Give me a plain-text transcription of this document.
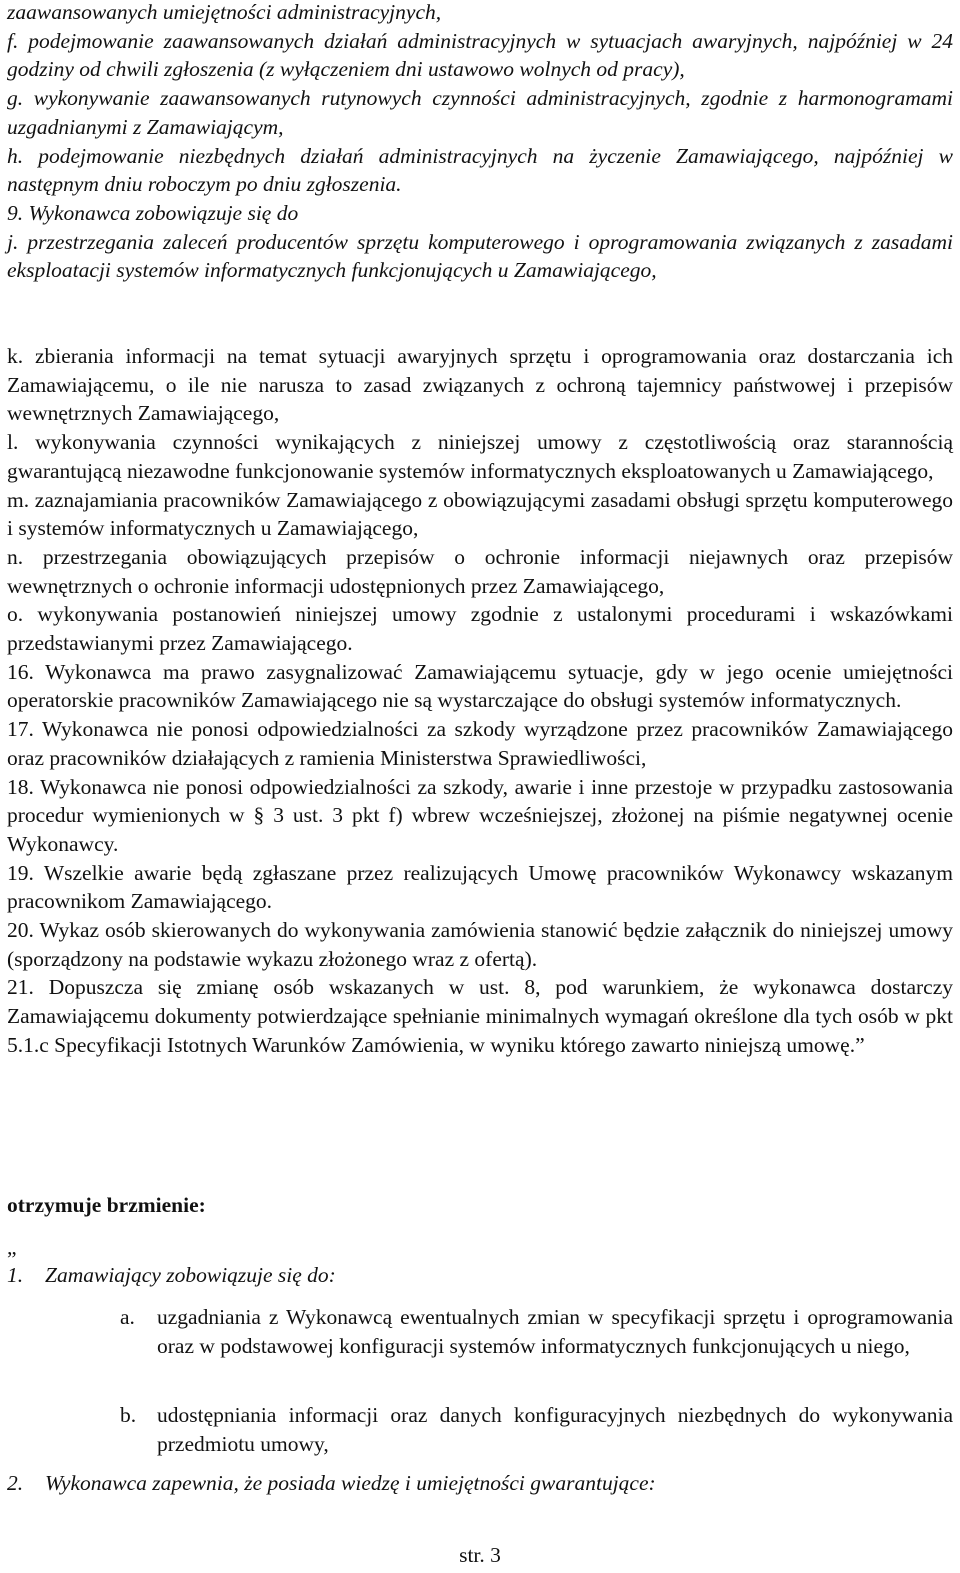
zaawansowanych umiejętności administracyjnych,

f. podejmowanie zaawansowanych działań administracyjnych w sytuacjach awaryjnych, najpóźniej w 24 godziny od chwili zgłoszenia (z wyłączeniem dni ustawowo wolnych od pracy),

g. wykonywanie zaawansowanych rutynowych czynności administracyjnych, zgodnie z harmonogramami uzgadnianymi z Zamawiającym,

h. podejmowanie niezbędnych działań administracyjnych na życzenie Zamawiającego, najpóźniej w następnym dniu roboczym po dniu zgłoszenia.

9. Wykonawca zobowiązuje się do

j. przestrzegania zaleceń producentów sprzętu komputerowego i oprogramowania związanych z zasadami eksploatacji systemów informatycznych funkcjonujących u Zamawiającego,

k. zbierania informacji na temat sytuacji awaryjnych sprzętu i oprogramowania oraz dostarczania ich Zamawiającemu, o ile nie narusza to zasad związanych z ochroną tajemnicy państwowej i przepisów wewnętrznych Zamawiającego,

l. wykonywania czynności wynikających z niniejszej umowy z częstotliwością oraz starannością gwarantującą niezawodne funkcjonowanie systemów informatycznych eksploatowanych u Zamawiającego,

m. zaznajamiania pracowników Zamawiającego z obowiązującymi zasadami obsługi sprzętu komputerowego i systemów informatycznych u Zamawiającego,

n. przestrzegania obowiązujących przepisów o ochronie informacji niejawnych oraz przepisów wewnętrznych o ochronie informacji udostępnionych przez Zamawiającego,

o. wykonywania postanowień niniejszej umowy zgodnie z ustalonymi procedurami i wskazówkami przedstawianymi przez Zamawiającego.

16. Wykonawca ma prawo zasygnalizować Zamawiającemu sytuacje, gdy w jego ocenie umiejętności operatorskie pracowników Zamawiającego nie są wystarczające do obsługi systemów informatycznych.

17. Wykonawca nie ponosi odpowiedzialności za szkody wyrządzone przez pracowników Zamawiającego oraz pracowników działających z ramienia Ministerstwa Sprawiedliwości,

18. Wykonawca nie ponosi odpowiedzialności za szkody, awarie i inne przestoje w przypadku zastosowania procedur wymienionych w § 3 ust. 3 pkt f) wbrew wcześniejszej, złożonej na piśmie negatywnej ocenie Wykonawcy.

19. Wszelkie awarie będą zgłaszane przez realizujących Umowę pracowników Wykonawcy wskazanym pracownikom Zamawiającego.

20. Wykaz osób skierowanych do wykonywania zamówienia stanowić będzie załącznik do niniejszej umowy (sporządzony na podstawie wykazu złożonego wraz z ofertą).

21. Dopuszcza się zmianę osób wskazanych w ust. 8, pod warunkiem, że wykonawca dostarczy Zamawiającemu dokumenty potwierdzające spełnianie minimalnych wymagań określone dla tych osób w pkt 5.1.c Specyfikacji Istotnych Warunków Zamówienia, w wyniku którego zawarto niniejszą umowę.”

otrzymuje brzmienie:

„

1.	Zamawiający zobowiązuje się do:
a.	uzgadniania z Wykonawcą ewentualnych zmian w specyfikacji sprzętu i oprogramowania oraz w podstawowej konfiguracji systemów informatycznych funkcjonujących u niego,
b. udostępniania informacji oraz danych konfiguracyjnych niezbędnych do wykonywania przedmiotu umowy,
2.	Wykonawca zapewnia, że posiada wiedzę i umiejętności gwarantujące:
str. 3
